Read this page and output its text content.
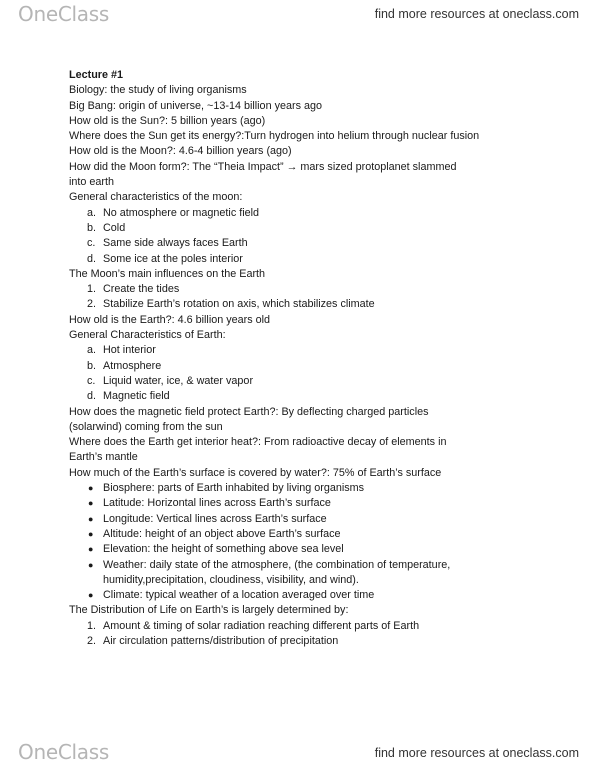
One Class	find more resources at oneclass.com
Lecture #1
Biology: the study of living organisms
Big Bang: origin of universe, ~13-14 billion years ago
How old is the Sun?: 5 billion years (ago)
Where does the Sun get its energy?:Turn hydrogen into helium through nuclear fusion
How old is the Moon?: 4.6-4 billion years (ago)
How did the Moon form?: The “Theia Impact” → mars sized protoplanet slammed into earth
General characteristics of the moon:
a. No atmosphere or magnetic field
b. Cold
c. Same side always faces Earth
d. Some ice at the poles interior
The Moon’s main influences on the Earth
1. Create the tides
2. Stabilize Earth’s rotation on axis, which stabilizes climate
How old is the Earth?: 4.6 billion years old
General Characteristics of Earth:
a. Hot interior
b. Atmosphere
c. Liquid water, ice, & water vapor
d. Magnetic field
How does the magnetic field protect Earth?: By deflecting charged particles (solarwind) coming from the sun
Where does the Earth get interior heat?: From radioactive decay of elements in Earth’s mantle
How much of the Earth’s surface is covered by water?: 75% of Earth’s surface
● Biosphere: parts of Earth inhabited by living organisms
● Latitude: Horizontal lines across Earth’s surface
● Longitude: Vertical lines across Earth’s surface
● Altitude: height of an object above Earth’s surface
● Elevation: the height of something above sea level
● Weather: daily state of the atmosphere, (the combination of temperature, humidity,precipitation, cloudiness, visibility, and wind).
● Climate: typical weather of a location averaged over time
The Distribution of Life on Earth’s is largely determined by:
1. Amount & timing of solar radiation reaching different parts of Earth
2. Air circulation patterns/distribution of precipitation
One Class	find more resources at oneclass.com
